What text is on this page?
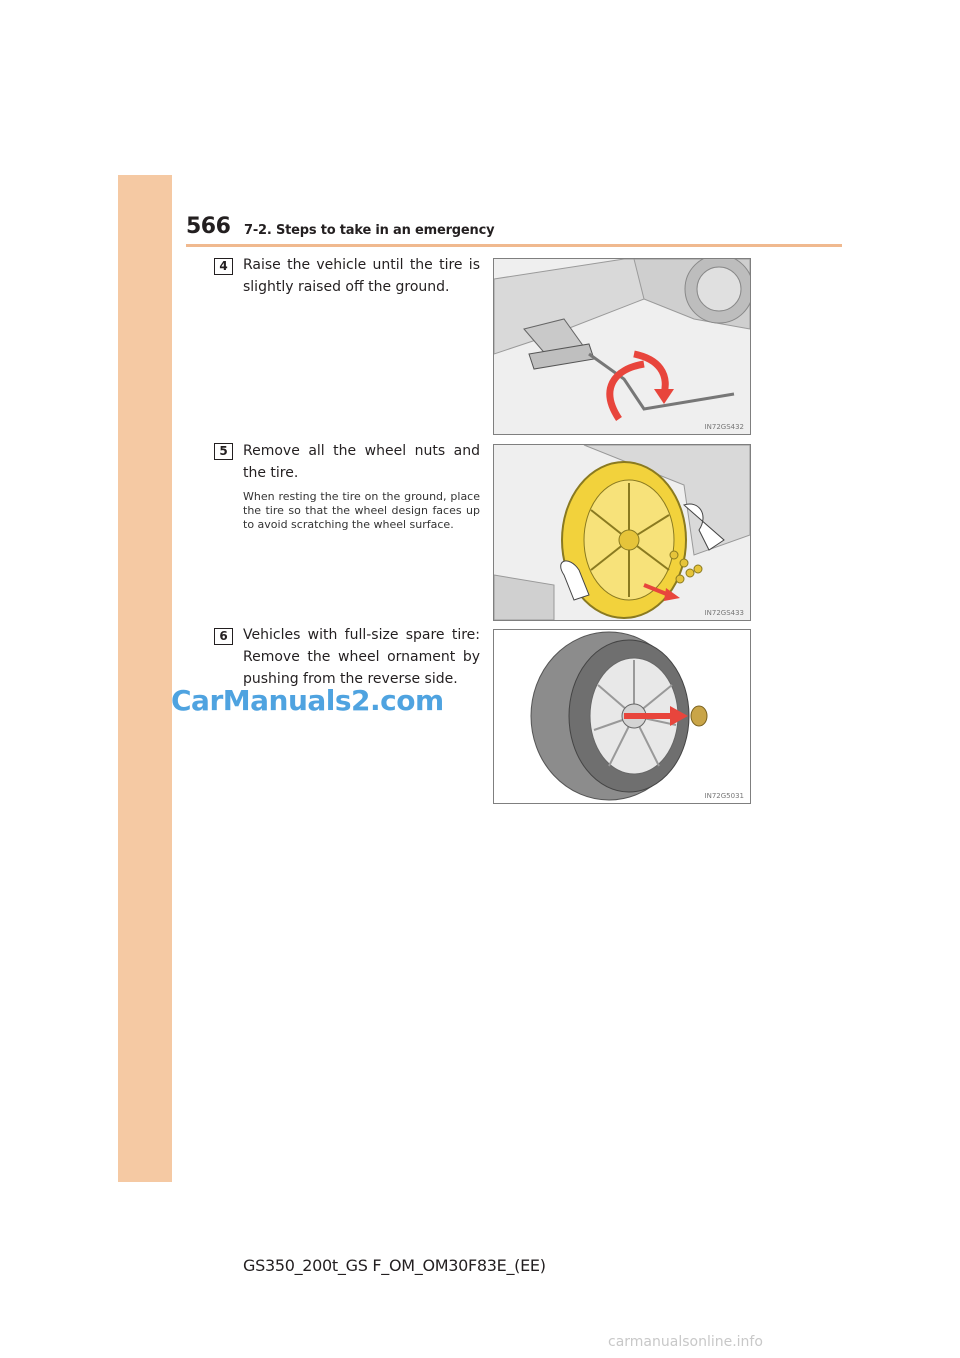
566 7-2. Steps to take in an emergency
4	Raise the vehicle until the tire is slightly raised off the ground.
IN72GS432
5	Remove all the wheel nuts and the tire.
When resting the tire on the ground, place the tire so that the wheel design faces up to avoid scratching the wheel surface.
IN72GS433
6	Vehicles with full-size spare tire: Remove the wheel ornament by pushing from the reverse side.
IN72G5031
CarManuals2.com
GS350_200t_GS F_OM_OM30F83E_(EE)
carmanualsonline.info
